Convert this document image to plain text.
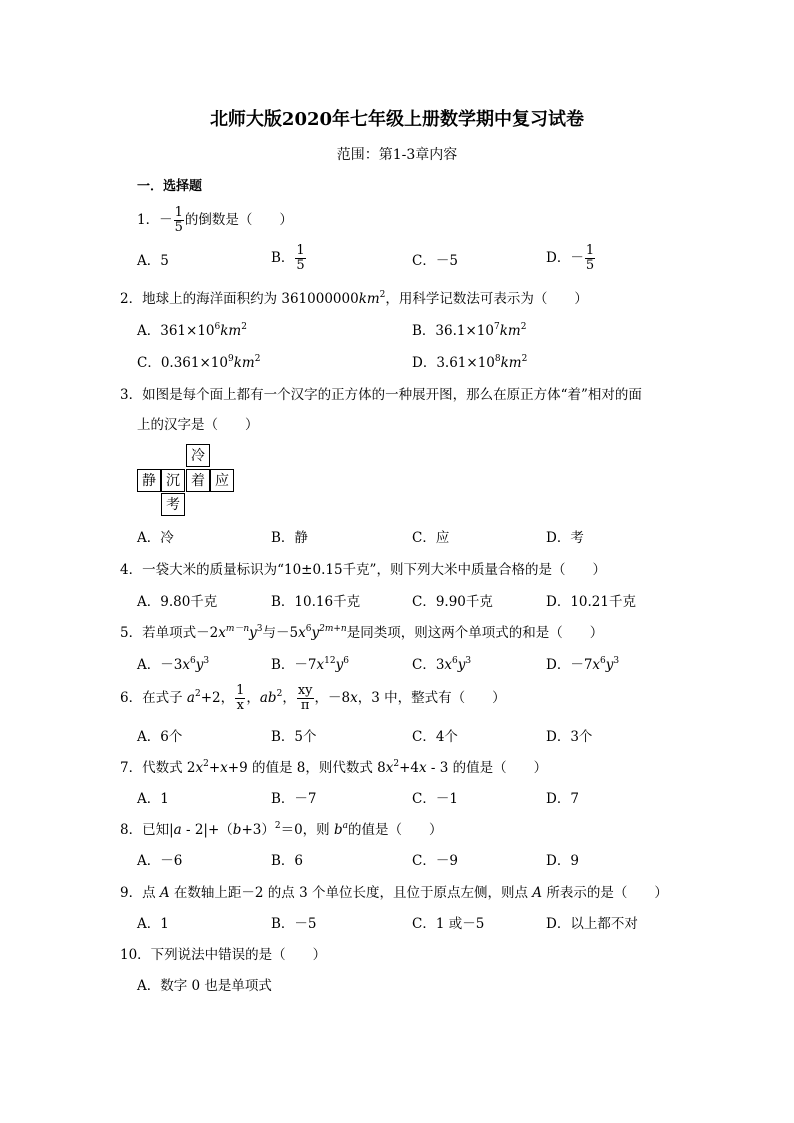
北师大版2020年七年级上册数学期中复习试卷
范围：第1-3章内容
一．选择题
1．－ $\frac{1}{5}$ 的倒数是（　　）
A．5	B． $\frac{1}{5}$	C．－5	D．－ $\frac{1}{5}$
2．地球上的海洋面积约为 $361000000km^2$，用科学记数法可表示为（　　）
A．$361\times 10^6km^2$	B．$36.1\times 10^7km^2$
C．$0.361\times 10^9km^2$	D．$3.61\times 10^8km^2$
3．如图是每个面上都有一个汉字的正方体的一种展开图，那么在原正方体“着”相对的面
上的汉字是（　　）
冷
静 沉 着 应
考
A．冷	B．静	C．应	D．考
4．一袋大米的质量标识为“10±0.15千克”，则下列大米中质量合格的是（　　）
A．9.80千克	B．10.16千克	C．9.90千克	D．10.21千克
5．若单项式$-2x^{m-n}y^3$与$-5x^6y^{2m+n}$是同类项，则这两个单项式的和是（　　）
A．$-3x^6y^3$	B．$-7x^{12}y^6$	C．$3x^6y^3$	D．$-7x^6y^3$
6．在式子 $a^2+2$， $\frac{1}{x}$ ，$ab^2$， $\frac{xy}{\pi}$ ，－8x，3 中，整式有（　　）
A．6个	B．5个	C．4个	D．3个
7．代数式 $2x^2+x+9$ 的值是 8，则代数式 $8x^2+4x - 3$ 的值是（　　）
A．1	B．－7	C．－1	D．7
8．已知$|a - 2|+(b+3)^2=0$，则 $b^a$的值是（　　）
A．－6	B．6	C．－9	D．9
9．点 A 在数轴上距－2 的点 3 个单位长度，且位于原点左侧，则点 A 所表示的是（　　）
A．1	B．－5	C．1 或－5	D．以上都不对
10．下列说法中错误的是（　　）
A．数字 0 也是单项式
